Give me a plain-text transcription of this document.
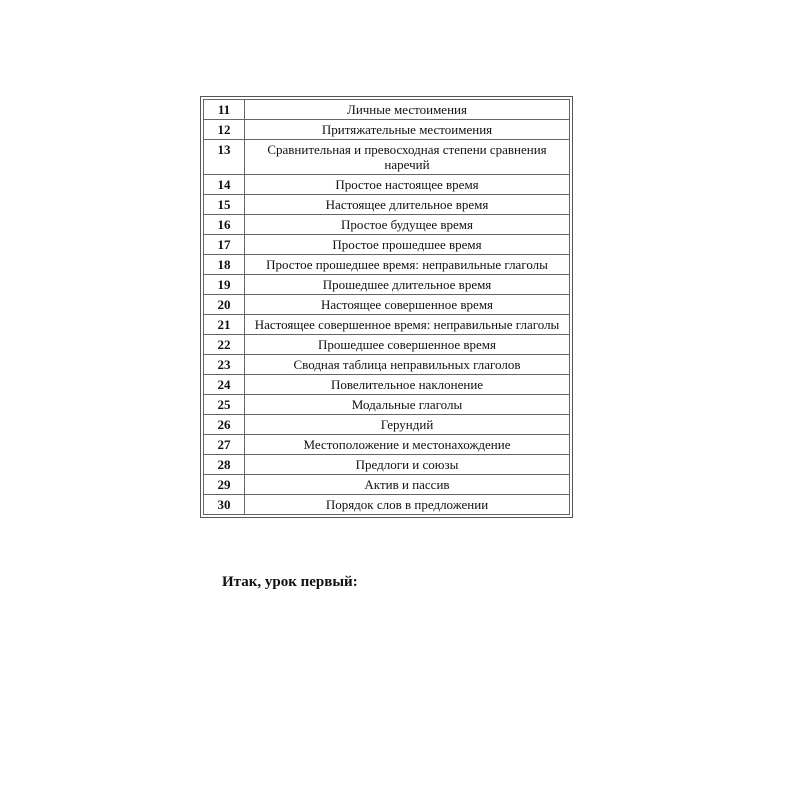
11	Личные местоимения
12	Притяжательные местоимения
13	Сравнительная и превосходная степени сравнения наречий
14	Простое настоящее время
15	Настоящее длительное время
16	Простое будущее время
17	Простое прошедшее время
18	Простое прошедшее время: неправильные глаголы
19	Прошедшее длительное время
20	Настоящее совершенное время
21	Настоящее совершенное время: неправильные глаголы
22	Прошедшее совершенное время
23	Сводная таблица неправильных глаголов
24	Повелительное наклонение
25	Модальные глаголы
26	Герундий
27	Местоположение и местонахождение
28	Предлоги и союзы
29	Актив и пассив
30	Порядок слов в предложении
Итак, урок первый:
